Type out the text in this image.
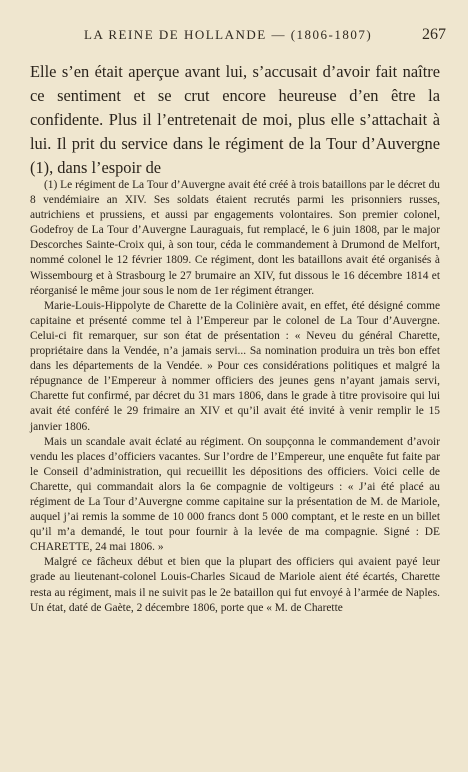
LA REINE DE HOLLANDE — (1806-1807)	267

Elle s’en était aperçue avant lui, s’accusait d’avoir fait naître ce sentiment et se crut encore heureuse d’en être la confidente. Plus il l’entretenait de moi, plus elle s’attachait à lui. Il prit du service dans le régiment de la Tour d’Auvergne (1), dans l’espoir de

(1) Le régiment de La Tour d’Auvergne avait été créé à trois bataillons par le décret du 8 vendémiaire an XIV. Ses soldats étaient recrutés parmi les prisonniers russes, autrichiens et prussiens, et aussi par engagements volontaires. Son premier colonel, Godefroy de La Tour d’Auvergne Lauraguais, fut remplacé, le 6 juin 1808, par le major Descorches Sainte-Croix qui, à son tour, céda le commandement à Drumond de Melfort, nommé colonel le 12 février 1809. Ce régiment, dont les bataillons avait été organisés à Wissembourg et à Strasbourg le 27 brumaire an XIV, fut dissous le 16 décembre 1814 et réorganisé le même jour sous le nom de 1er régiment étranger.

Marie-Louis-Hippolyte de Charette de la Colinière avait, en effet, été désigné comme capitaine et présenté comme tel à l’Empereur par le colonel de La Tour d’Auvergne. Celui-ci fit remarquer, sur son état de présentation : « Neveu du général Charette, propriétaire dans la Vendée, n’a jamais servi... Sa nomination produira un très bon effet dans les départements de la Vendée. » Pour ces considérations politiques et malgré la répugnance de l’Empereur à nommer officiers des jeunes gens n’ayant jamais servi, Charette fut confirmé, par décret du 31 mars 1806, dans le grade à titre provisoire qui lui avait été conféré le 29 frimaire an XIV et qu’il avait été invité à venir remplir le 15 janvier 1806.

Mais un scandale avait éclaté au régiment. On soupçonna le commandement d’avoir vendu les places d’officiers vacantes. Sur l’ordre de l’Empereur, une enquête fut faite par le Conseil d’administration, qui recueillit les dépositions des officiers. Voici celle de Charette, qui commandait alors la 6e compagnie de voltigeurs : « J’ai été placé au régiment de La Tour d’Auvergne comme capitaine sur la présentation de M. de Mariole, auquel j’ai remis la somme de 10 000 francs dont 5 000 comptant, et le reste en un billet qu’il m’a demandé, le tout pour fournir à la levée de ma compagnie. Signé : DE CHARETTE, 24 mai 1806. »

Malgré ce fâcheux début et bien que la plupart des officiers qui avaient payé leur grade au lieutenant-colonel Louis-Charles Sicaud de Mariole aient été écartés, Charette resta au régiment, mais il ne suivit pas le 2e bataillon qui fut envoyé à l’armée de Naples. Un état, daté de Gaète, 2 décembre 1806, porte que « M. de Charette
